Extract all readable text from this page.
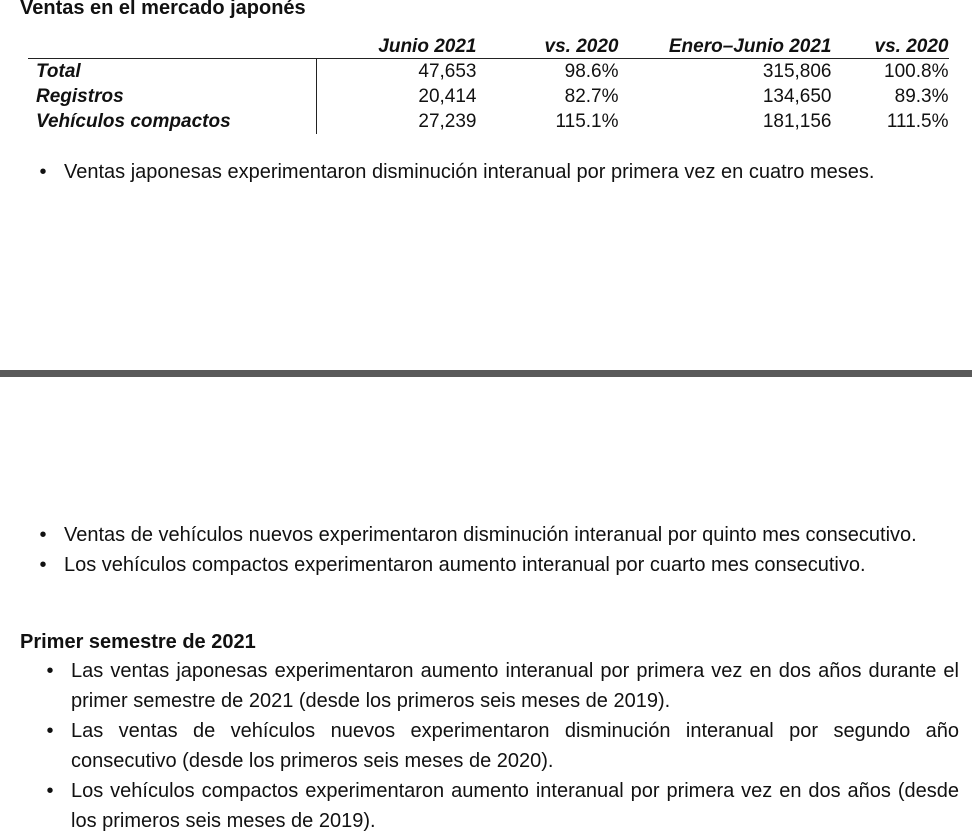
Ventas en el mercado japonés
	Junio 2021	vs. 2020	Enero–Junio 2021	vs. 2020
Total	47,653	98.6%	315,806	100.8%
Registros	20,414	82.7%	134,650	89.3%
Vehículos compactos	27,239	115.1%	181,156	111.5%
• Ventas japonesas experimentaron disminución interanual por primera vez en cuatro meses.
• Ventas de vehículos nuevos experimentaron disminución interanual por quinto mes consecutivo.
• Los vehículos compactos experimentaron aumento interanual por cuarto mes consecutivo.
Primer semestre de 2021
• Las ventas japonesas experimentaron aumento interanual por primera vez en dos años durante el primer semestre de 2021 (desde los primeros seis meses de 2019).
• Las ventas de vehículos nuevos experimentaron disminución interanual por segundo año consecutivo (desde los primeros seis meses de 2020).
• Los vehículos compactos experimentaron aumento interanual por primera vez en dos años (desde los primeros seis meses de 2019).
